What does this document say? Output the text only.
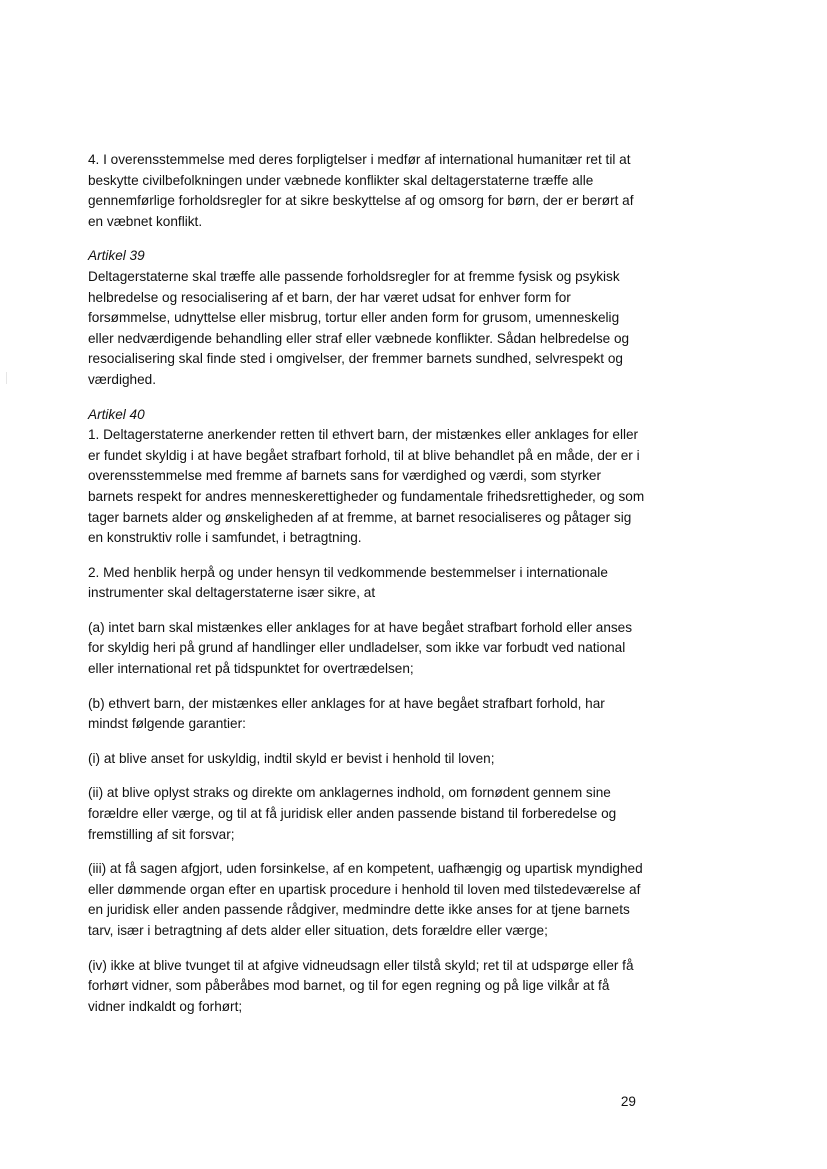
4. I overensstemmelse med deres forpligtelser i medfør af international humanitær ret til at beskytte civilbefolkningen under væbnede konflikter skal deltagerstaterne træffe alle gennemførlige forholdsregler for at sikre beskyttelse af og omsorg for børn, der er berørt af en væbnet konflikt.

Artikel 39

Deltagerstaterne skal træffe alle passende forholdsregler for at fremme fysisk og psykisk helbredelse og resocialisering af et barn, der har været udsat for enhver form for forsømmelse, udnyttelse eller misbrug, tortur eller anden form for grusom, umenneskelig eller nedværdigende behandling eller straf eller væbnede konflikter. Sådan helbredelse og resocialisering skal finde sted i omgivelser, der fremmer barnets sundhed, selvrespekt og værdighed.

Artikel 40

1. Deltagerstaterne anerkender retten til ethvert barn, der mistænkes eller anklages for eller er fundet skyldig i at have begået strafbart forhold, til at blive behandlet på en måde, der er i overensstemmelse med fremme af barnets sans for værdighed og værdi, som styrker barnets respekt for andres menneskerettigheder og fundamentale frihedsrettigheder, og som tager barnets alder og ønskeligheden af at fremme, at barnet resocialiseres og påtager sig en konstruktiv rolle i samfundet, i betragtning.

2. Med henblik herpå og under hensyn til vedkommende bestemmelser i internationale instrumenter skal deltagerstaterne især sikre, at

(a) intet barn skal mistænkes eller anklages for at have begået strafbart forhold eller anses for skyldig heri på grund af handlinger eller undladelser, som ikke var forbudt ved national eller international ret på tidspunktet for overtrædelsen;

(b) ethvert barn, der mistænkes eller anklages for at have begået strafbart forhold, har mindst følgende garantier:

(i) at blive anset for uskyldig, indtil skyld er bevist i henhold til loven;

(ii) at blive oplyst straks og direkte om anklagernes indhold, om fornødent gennem sine forældre eller værge, og til at få juridisk eller anden passende bistand til forberedelse og fremstilling af sit forsvar;

(iii) at få sagen afgjort, uden forsinkelse, af en kompetent, uafhængig og upartisk myndighed eller dømmende organ efter en upartisk procedure i henhold til loven med tilstedeværelse af en juridisk eller anden passende rådgiver, medmindre dette ikke anses for at tjene barnets tarv, især i betragtning af dets alder eller situation, dets forældre eller værge;

(iv) ikke at blive tvunget til at afgive vidneudsagn eller tilstå skyld; ret til at udspørge eller få forhørt vidner, som påberåbes mod barnet, og til for egen regning og på lige vilkår at få vidner indkaldt og forhørt;

29
